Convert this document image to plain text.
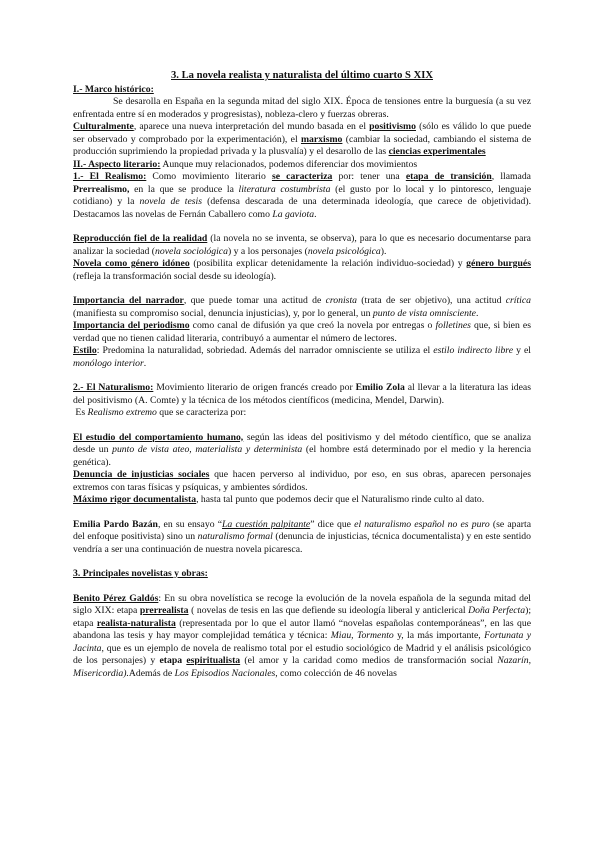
3. La novela realista y naturalista del último cuarto S XIX

I.- Marco histórico:

Se desarolla en España en la segunda mitad del siglo XIX. Época de tensiones entre la burguesía (a su vez enfrentada entre sí en moderados y progresistas), nobleza-clero y fuerzas obreras.
Culturalmente, aparece una nueva interpretación del mundo basada en el positivismo (sólo es válido lo que puede ser observado y comprobado por la experimentación), el marxismo (cambiar la sociedad, cambiando el sistema de producción suprimiendo la propiedad privada y la plusvalía) y el desarollo de las ciencias experimentales

II.- Aspecto literario: Aunque muy relacionados, podemos diferenciar dos movimientos

1.- El Realismo: Como movimiento literario se caracteriza por: tener una etapa de transición, llamada Prerrealismo, en la que se produce la literatura costumbrista (el gusto por lo local y lo pintoresco, lenguaje cotidiano) y la novela de tesis (defensa descarada de una determinada ideología, que carece de objetividad). Destacamos las novelas de Fernán Caballero como La gaviota.

Reproducción fiel de la realidad (la novela no se inventa, se observa), para lo que es necesario documentarse para analizar la sociedad (novela sociológica) y a los personajes (novela psicológica).
Novela como género idóneo (posibilita explicar detenidamente la relación individuo-sociedad) y género burgués (refleja la transformación social desde su ideología).

Importancia del narrador, que puede tomar una actitud de cronista (trata de ser objetivo), una actitud crítica (manifiesta su compromiso social, denuncia injusticias), y, por lo general, un punto de vista omnisciente.
Importancia del periodismo como canal de difusión ya que creó la novela por entregas o folletines que, si bien es verdad que no tienen calidad literaria, contribuyó a aumentar el número de lectores.
Estilo: Predomina la naturalidad, sobriedad. Además del narrador omnisciente se utiliza el estilo indirecto libre y el monólogo interior.

2.- El Naturalismo: Movimiento literario de origen francés creado por Emilio Zola al llevar a la literatura las ideas del positivismo (A. Comte) y la técnica de los métodos científicos (medicina, Mendel, Darwin).
Es Realismo extremo que se caracteriza por:

El estudio del comportamiento humano, según las ideas del positivismo y del método científico, que se analiza desde un punto de vista ateo, materialista y determinista (el hombre está determinado por el medio y la herencia genética).
Denuncia de injusticias sociales que hacen perverso al individuo, por eso, en sus obras, aparecen personajes extremos con taras físicas y psíquicas, y ambientes sórdidos.
Máximo rigor documentalista, hasta tal punto que podemos decir que el Naturalismo rinde culto al dato.

Emilia Pardo Bazán, en su ensayo “La cuestión palpitante” dice que el naturalismo español no es puro (se aparta del enfoque positivista) sino un naturalismo formal (denuncia de injusticias, técnica documentalista) y en este sentido vendría a ser una continuación de nuestra novela picaresca.

3. Principales novelistas y obras:

Benito Pérez Galdós: En su obra novelística se recoge la evolución de la novela española de la segunda mitad del siglo XIX: etapa prerrealista ( novelas de tesis en las que defiende su ideología liberal y anticlerical Doña Perfecta); etapa realista-naturalista (representada por lo que el autor llamó “novelas españolas contemporáneas”, en las que abandona las tesis y hay mayor complejidad temática y técnica: Miau, Tormento y, la más importante, Fortunata y Jacinta, que es un ejemplo de novela de realismo total por el estudio sociológico de Madrid y el análisis psicológico de los personajes) y etapa espiritualista (el amor y la caridad como medios de transformación social Nazarín, Misericordia).Además de Los Episodios Nacionales, como colección de 46 novelas
